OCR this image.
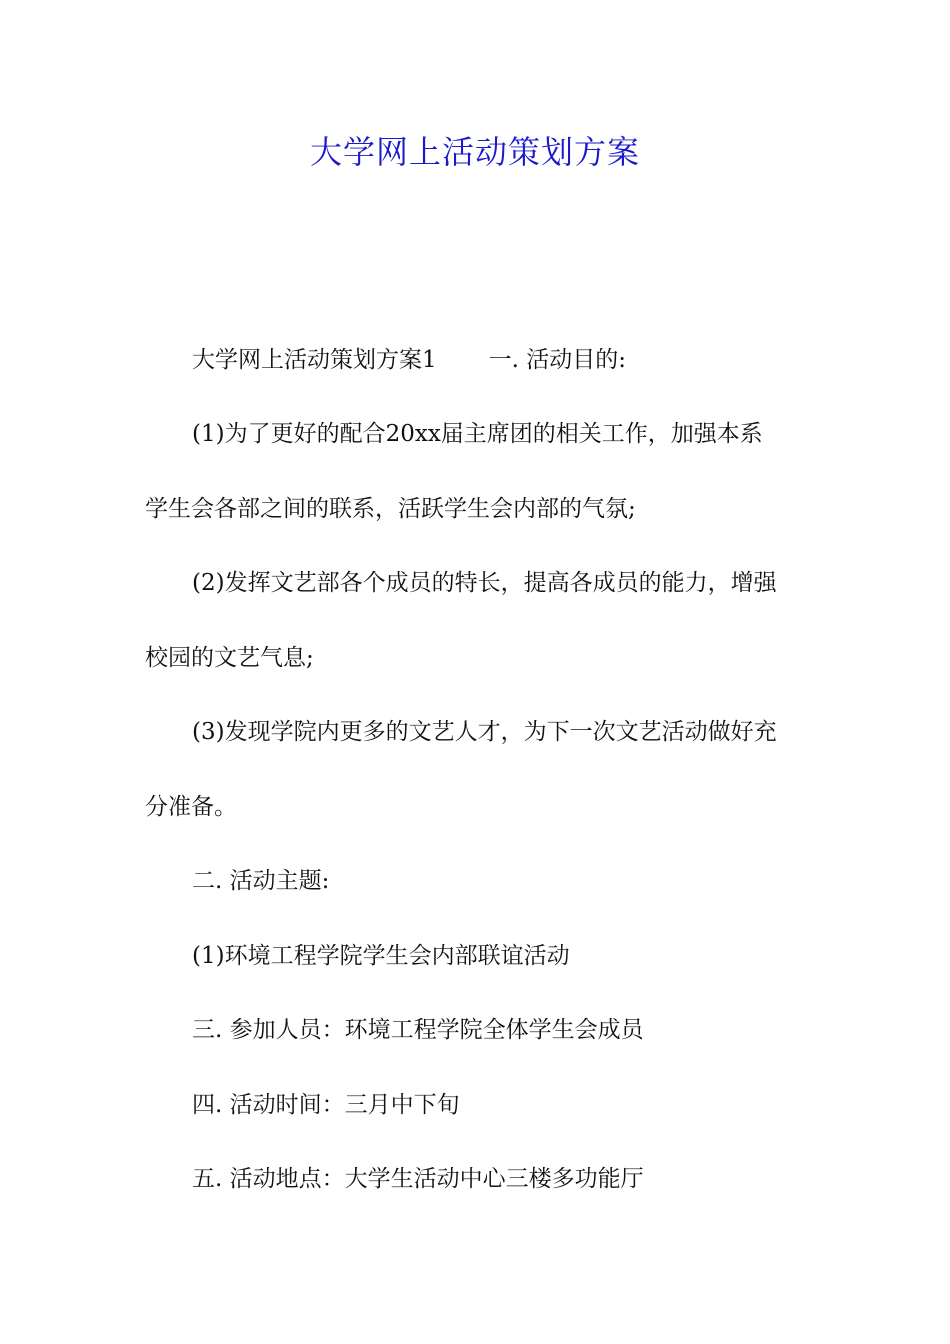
大学网上活动策划方案
大学网上活动策划方案1 一. 活动目的:
(1)为了更好的配合20xx届主席团的相关工作，加强本系
学生会各部之间的联系，活跃学生会内部的气氛;
(2)发挥文艺部各个成员的特长，提高各成员的能力，增强
校园的文艺气息;
(3)发现学院内更多的文艺人才，为下一次文艺活动做好充
分准备。
二. 活动主题:
(1)环境工程学院学生会内部联谊活动
三. 参加人员：环境工程学院全体学生会成员
四. 活动时间：三月中下旬
五. 活动地点：大学生活动中心三楼多功能厅
